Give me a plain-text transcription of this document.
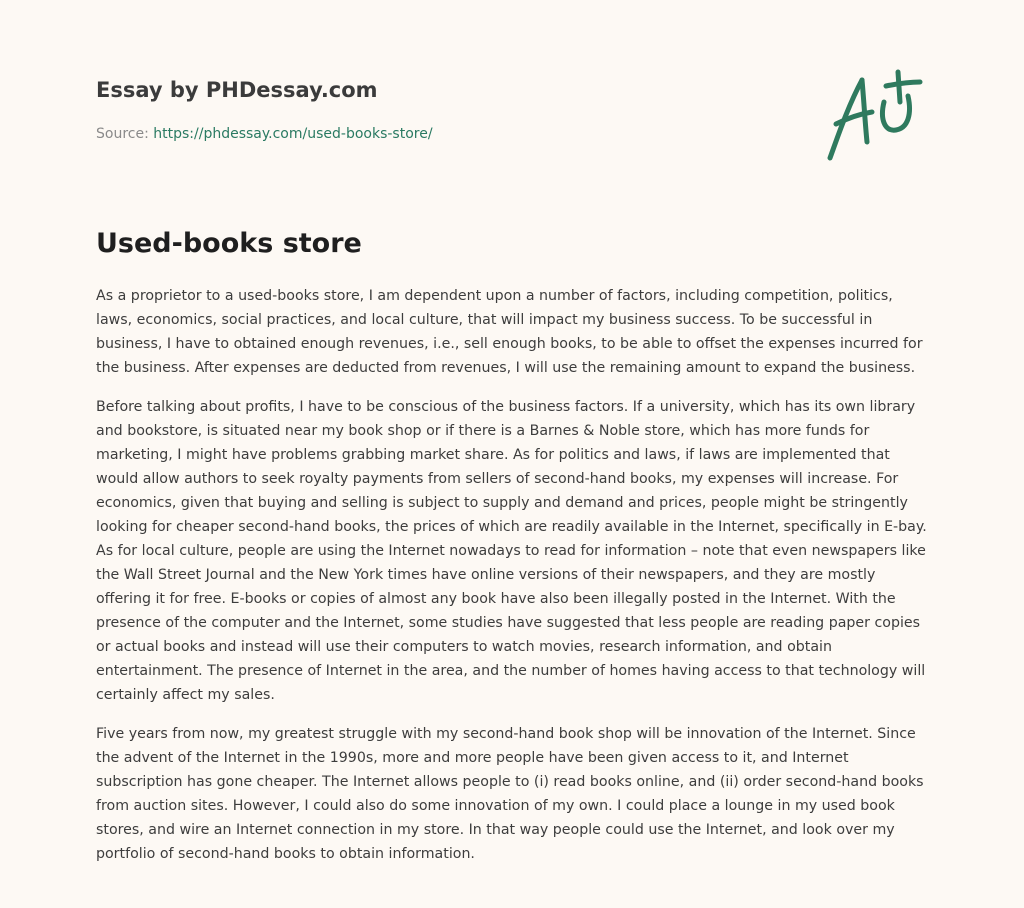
Essay by PHDessay.com
Source: https://phdessay.com/used-books-store/
Used-books store

As a proprietor to a used-books store, I am dependent upon a number of factors, including competition, politics, laws, economics, social practices, and local culture, that will impact my business success. To be successful in business, I have to obtained enough revenues, i.e., sell enough books, to be able to offset the expenses incurred for the business. After expenses are deducted from revenues, I will use the remaining amount to expand the business.

Before talking about profits, I have to be conscious of the business factors. If a university, which has its own library and bookstore, is situated near my book shop or if there is a Barnes & Noble store, which has more funds for marketing, I might have problems grabbing market share. As for politics and laws, if laws are implemented that would allow authors to seek royalty payments from sellers of second-hand books, my expenses will increase. For economics, given that buying and selling is subject to supply and demand and prices, people might be stringently looking for cheaper second-hand books, the prices of which are readily available in the Internet, specifically in E-bay. As for local culture, people are using the Internet nowadays to read for information – note that even newspapers like the Wall Street Journal and the New York times have online versions of their newspapers, and they are mostly offering it for free. E-books or copies of almost any book have also been illegally posted in the Internet. With the presence of the computer and the Internet, some studies have suggested that less people are reading paper copies or actual books and instead will use their computers to watch movies, research information, and obtain entertainment. The presence of Internet in the area, and the number of homes having access to that technology will certainly affect my sales.

Five years from now, my greatest struggle with my second-hand book shop will be innovation of the Internet. Since the advent of the Internet in the 1990s, more and more people have been given access to it, and Internet subscription has gone cheaper. The Internet allows people to (i) read books online, and (ii) order second-hand books from auction sites. However, I could also do some innovation of my own. I could place a lounge in my used book stores, and wire an Internet connection in my store. In that way people could use the Internet, and look over my portfolio of second-hand books to obtain information.
